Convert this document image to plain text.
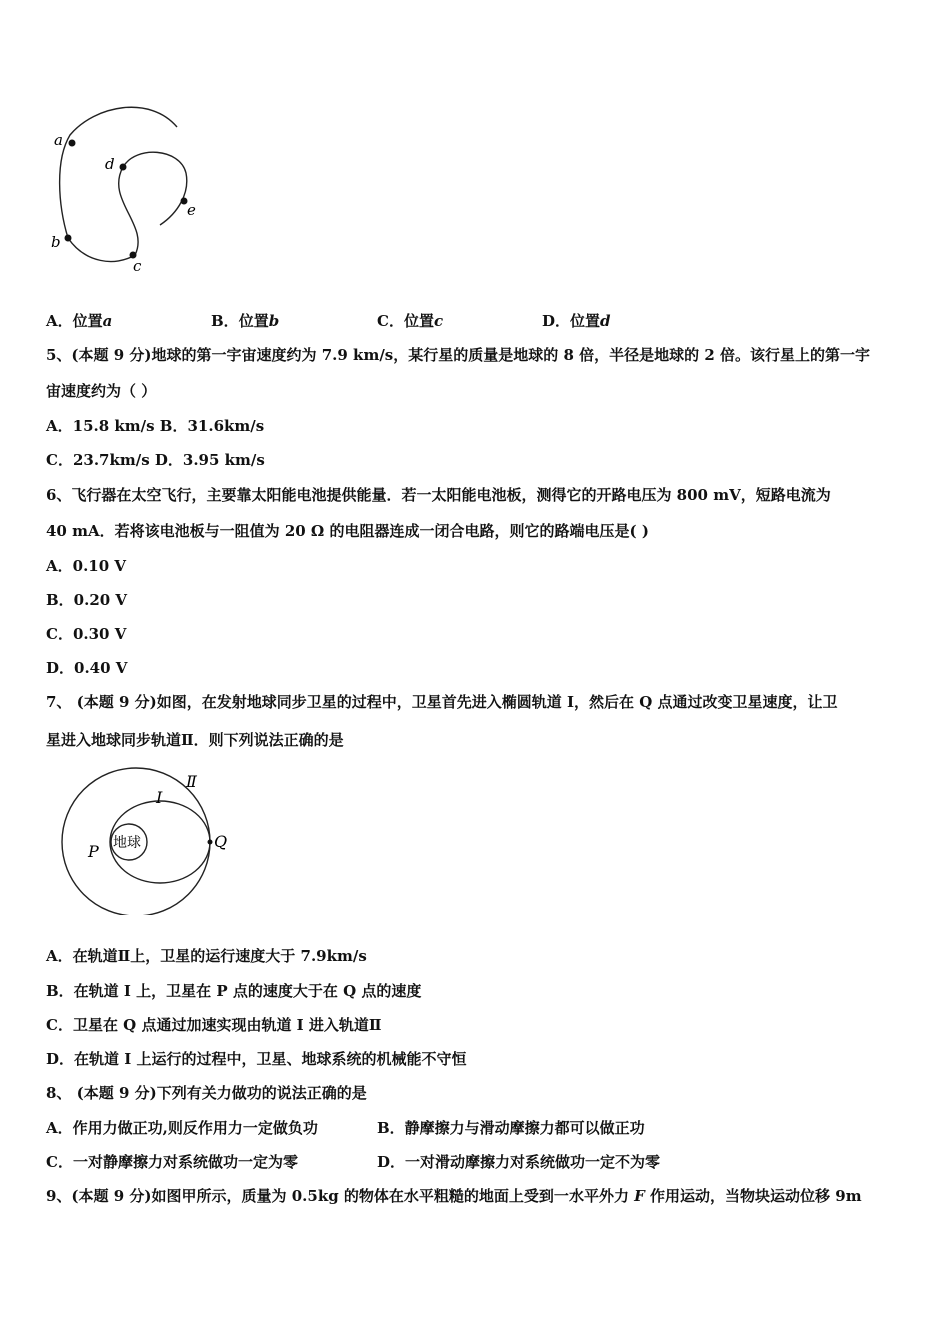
a
b
c
d
e
A．位置a	B．位置b	C．位置c	D．位置d
5、(本题 9 分)地球的第一宇宙速度约为 7.9 km/s，某行星的质量是地球的 8 倍，半径是地球的 2 倍。该行星上的第一宇
宙速度约为（ ）
A．15.8 km/s B．31.6km/s
C．23.7km/s D．3.95 km/s
6、飞行器在太空飞行，主要靠太阳能电池提供能量．若一太阳能电池板，测得它的开路电压为 800 mV，短路电流为
40 mA．若将该电池板与一阻值为 20 Ω 的电阻器连成一闭合电路，则它的路端电压是( )
A．0.10 V
B．0.20 V
C．0.30 V
D．0.40 V
7、 (本题 9 分)如图，在发射地球同步卫星的过程中，卫星首先进入椭圆轨道 I，然后在 Q 点通过改变卫星速度，让卫
星进入地球同步轨道Ⅱ．则下列说法正确的是
I
Ⅱ
地球
P
Q
A．在轨道Ⅱ上，卫星的运行速度大于 7.9km/s
B．在轨道 I 上，卫星在 P 点的速度大于在 Q 点的速度
C．卫星在 Q 点通过加速实现由轨道 I 进入轨道Ⅱ
D．在轨道 I 上运行的过程中，卫星、地球系统的机械能不守恒
8、 (本题 9 分)下列有关力做功的说法正确的是
A．作用力做正功,则反作用力一定做负功	B．静摩擦力与滑动摩擦力都可以做正功
C．一对静摩擦力对系统做功一定为零	D．一对滑动摩擦力对系统做功一定不为零
9、(本题 9 分)如图甲所示，质量为 0.5kg 的物体在水平粗糙的地面上受到一水平外力 F 作用运动，当物块运动位移 9m
